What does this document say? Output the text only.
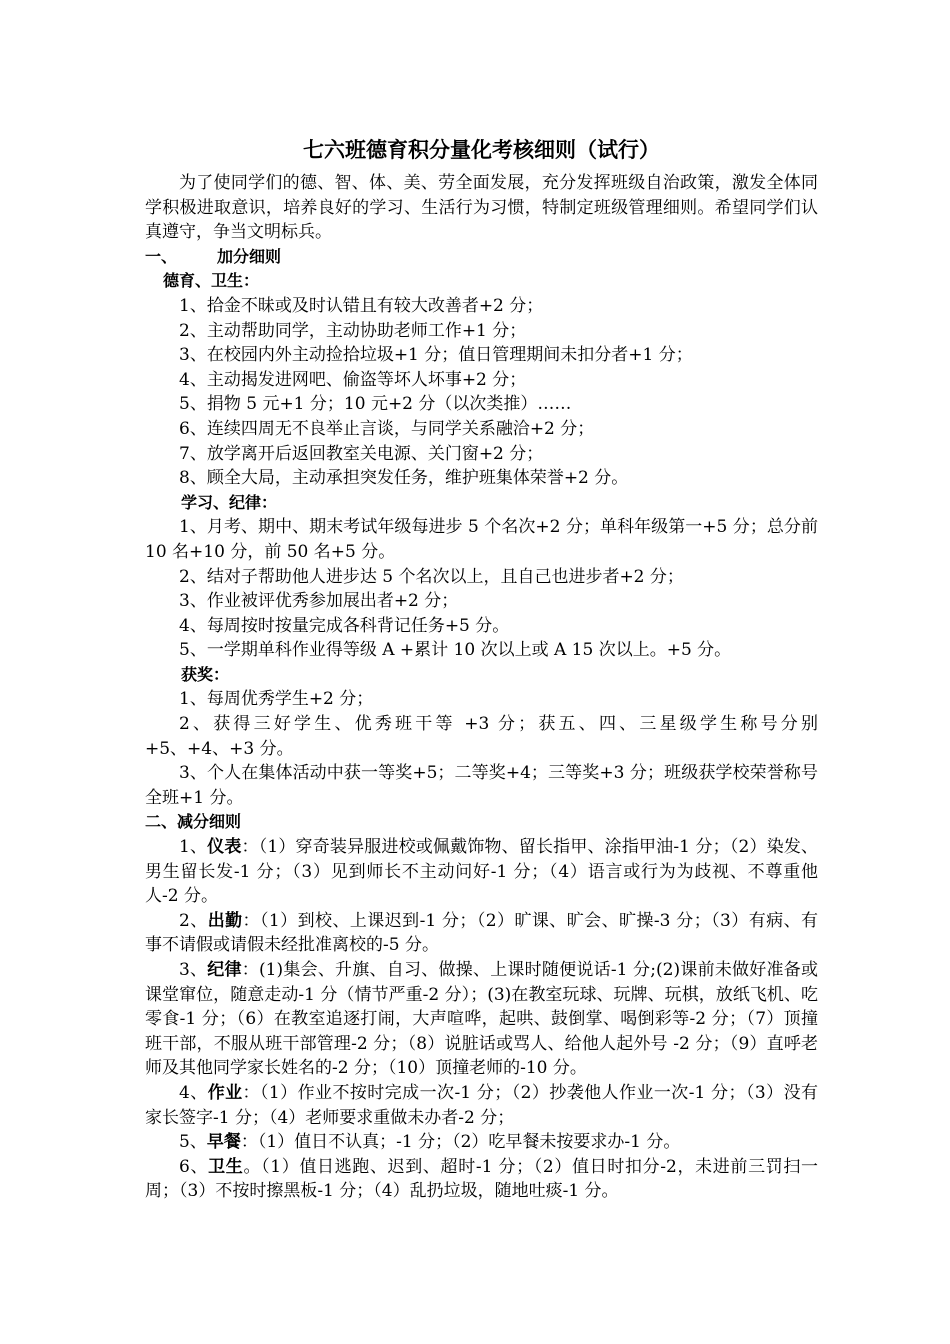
七六班德育积分量化考核细则（试行）

为了使同学们的德、智、体、美、劳全面发展，充分发挥班级自治政策，激发全体同学积极进取意识，培养良好的学习、生活行为习惯，特制定班级管理细则。希望同学们认真遵守，争当文明标兵。

一、	加分细则

德育、卫生：

1、拾金不昧或及时认错且有较大改善者+2 分；

2、主动帮助同学，主动协助老师工作+1 分；

3、在校园内外主动捡拾垃圾+1 分；值日管理期间未扣分者+1 分；

4、主动揭发进网吧、偷盗等坏人坏事+2 分；

5、捐物 5 元+1 分；10 元+2 分（以次类推）……

6、连续四周无不良举止言谈，与同学关系融洽+2 分；

7、放学离开后返回教室关电源、关门窗+2 分；

8、顾全大局，主动承担突发任务，维护班集体荣誉+2 分。

学习、纪律：

1、月考、期中、期末考试年级每进步 5 个名次+2 分；单科年级第一+5 分；总分前 10 名+10 分，前 50 名+5 分。

2、结对子帮助他人进步达 5 个名次以上，且自己也进步者+2 分；

3、作业被评优秀参加展出者+2 分；

4、每周按时按量完成各科背记任务+5 分。

5、一学期单科作业得等级 A +累计 10 次以上或 A 15 次以上。+5 分。

获奖：

1、每周优秀学生+2 分；

2、获得三好学生、优秀班干等 +3 分；获五、四、三星级学生称号分别+5、+4、+3 分。

3、个人在集体活动中获一等奖+5；二等奖+4；三等奖+3 分；班级获学校荣誉称号全班+1 分。

二、减分细则

1、仪表：（1）穿奇装异服进校或佩戴饰物、留长指甲、涂指甲油-1 分；（2）染发、男生留长发-1 分；（3）见到师长不主动问好-1 分；（4）语言或行为为歧视、不尊重他人-2 分。

2、出勤：（1）到校、上课迟到-1 分；（2）旷课、旷会、旷操-3 分；（3）有病、有事不请假或请假未经批准离校的-5 分。

3、纪律：(1)集会、升旗、自习、做操、上课时随便说话-1 分;(2)课前未做好准备或课堂窜位，随意走动-1 分（情节严重-2 分）；(3)在教室玩球、玩牌、玩棋，放纸飞机、吃零食-1 分；（6）在教室追逐打闹，大声喧哗，起哄、鼓倒掌、喝倒彩等-2 分；（7）顶撞班干部，不服从班干部管理-2 分；（8）说脏话或骂人、给他人起外号 -2 分；（9）直呼老师及其他同学家长姓名的-2 分；（10）顶撞老师的-10 分。

4、作业：（1）作业不按时完成一次-1 分；（2）抄袭他人作业一次-1 分；（3）没有家长签字-1 分；（4）老师要求重做未办者-2 分；

5、早餐：（1）值日不认真；-1 分；（2）吃早餐未按要求办-1 分。

6、卫生。（1）值日逃跑、迟到、超时-1 分；（2）值日时扣分-2，未进前三罚扫一周；（3）不按时擦黑板-1 分；（4）乱扔垃圾，随地吐痰-1 分。
